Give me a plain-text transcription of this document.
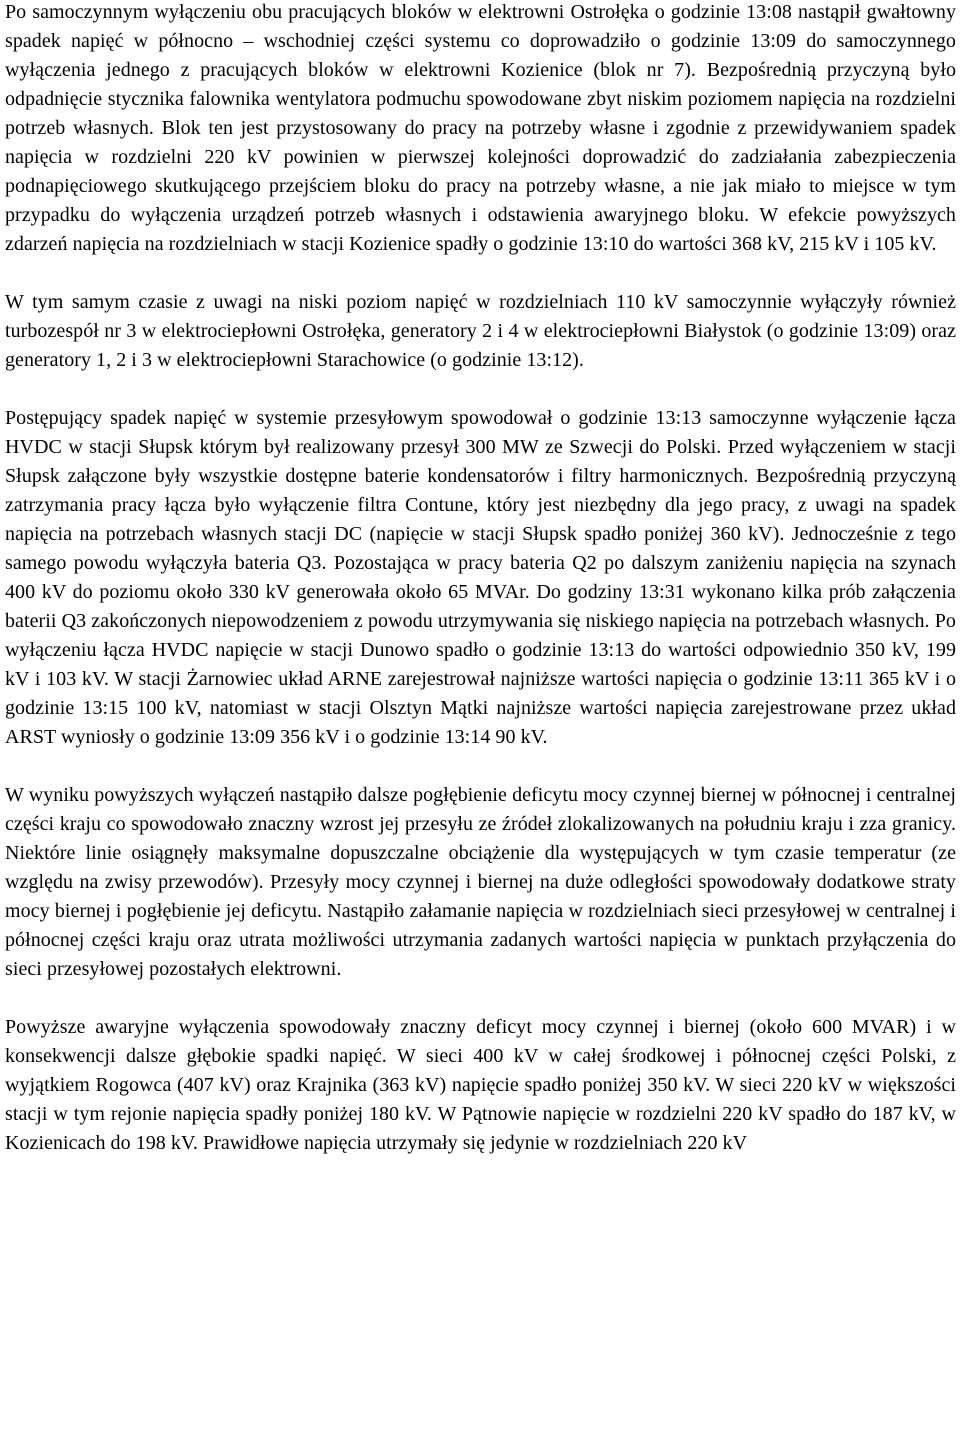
Po samoczynnym wyłączeniu obu pracujących bloków w elektrowni Ostrołęka o godzinie 13:08 nastąpił gwałtowny spadek napięć w północno – wschodniej części systemu co doprowadziło o godzinie 13:09 do samoczynnego wyłączenia jednego z pracujących bloków w elektrowni Kozienice (blok nr 7). Bezpośrednią przyczyną było odpadnięcie stycznika falownika wentylatora podmuchu spowodowane zbyt niskim poziomem napięcia na rozdzielni potrzeb własnych. Blok ten jest przystosowany do pracy na potrzeby własne i zgodnie z przewidywaniem spadek napięcia w rozdzielni 220 kV powinien w pierwszej kolejności doprowadzić do zadziałania zabezpieczenia podnapięciowego skutkującego przejściem bloku do pracy na potrzeby własne, a nie jak miało to miejsce w tym przypadku do wyłączenia urządzeń potrzeb własnych i odstawienia awaryjnego bloku. W efekcie powyższych zdarzeń napięcia na rozdzielniach w stacji Kozienice spadły o godzinie 13:10 do wartości 368 kV, 215 kV i 105 kV.

W tym samym czasie z uwagi na niski poziom napięć w rozdzielniach 110 kV samoczynnie wyłączyły również turbozespół nr 3 w elektrociepłowni Ostrołęka, generatory 2 i 4 w elektrociepłowni Białystok (o godzinie 13:09) oraz generatory 1, 2 i 3 w elektrociepłowni Starachowice (o godzinie 13:12).

Postępujący spadek napięć w systemie przesyłowym spowodował o godzinie 13:13 samoczynne wyłączenie łącza HVDC w stacji Słupsk którym był realizowany przesył 300 MW ze Szwecji do Polski. Przed wyłączeniem w stacji Słupsk załączone były wszystkie dostępne baterie kondensatorów i filtry harmonicznych. Bezpośrednią przyczyną zatrzymania pracy łącza było wyłączenie filtra Contune, który jest niezbędny dla jego pracy, z uwagi na spadek napięcia na potrzebach własnych stacji DC (napięcie w stacji Słupsk spadło poniżej 360 kV). Jednocześnie z tego samego powodu wyłączyła bateria Q3. Pozostająca w pracy bateria Q2 po dalszym zaniżeniu napięcia na szynach 400 kV do poziomu około 330 kV generowała około 65 MVAr. Do godziny 13:31 wykonano kilka prób załączenia baterii Q3 zakończonych niepowodzeniem z powodu utrzymywania się niskiego napięcia na potrzebach własnych. Po wyłączeniu łącza HVDC napięcie w stacji Dunowo spadło o godzinie 13:13 do wartości odpowiednio 350 kV, 199 kV i 103 kV. W stacji Żarnowiec układ ARNE zarejestrował najniższe wartości napięcia o godzinie 13:11 365 kV i o godzinie 13:15 100 kV, natomiast w stacji Olsztyn Mątki najniższe wartości napięcia zarejestrowane przez układ ARST wyniosły o godzinie 13:09 356 kV i o godzinie 13:14 90 kV.

W wyniku powyższych wyłączeń nastąpiło dalsze pogłębienie deficytu mocy czynnej biernej w północnej i centralnej części kraju co spowodowało znaczny wzrost jej przesyłu ze źródeł zlokalizowanych na południu kraju i zza granicy. Niektóre linie osiągnęły maksymalne dopuszczalne obciążenie dla występujących w tym czasie temperatur (ze względu na zwisy przewodów). Przesyły mocy czynnej i biernej na duże odległości spowodowały dodatkowe straty mocy biernej i pogłębienie jej deficytu. Nastąpiło załamanie napięcia w rozdzielniach sieci przesyłowej w centralnej i północnej części kraju oraz utrata możliwości utrzymania zadanych wartości napięcia w punktach przyłączenia do sieci przesyłowej pozostałych elektrowni.

Powyższe awaryjne wyłączenia spowodowały znaczny deficyt mocy czynnej i biernej (około 600 MVAR) i w konsekwencji dalsze głębokie spadki napięć. W sieci 400 kV w całej środkowej i północnej części Polski, z wyjątkiem Rogowca (407 kV) oraz Krajnika (363 kV) napięcie spadło poniżej 350 kV. W sieci 220 kV w większości stacji w tym rejonie napięcia spadły poniżej 180 kV. W Pątnowie napięcie w rozdzielni 220 kV spadło do 187 kV, w Kozienicach do 198 kV. Prawidłowe napięcia utrzymały się jedynie w rozdzielniach 220 kV
